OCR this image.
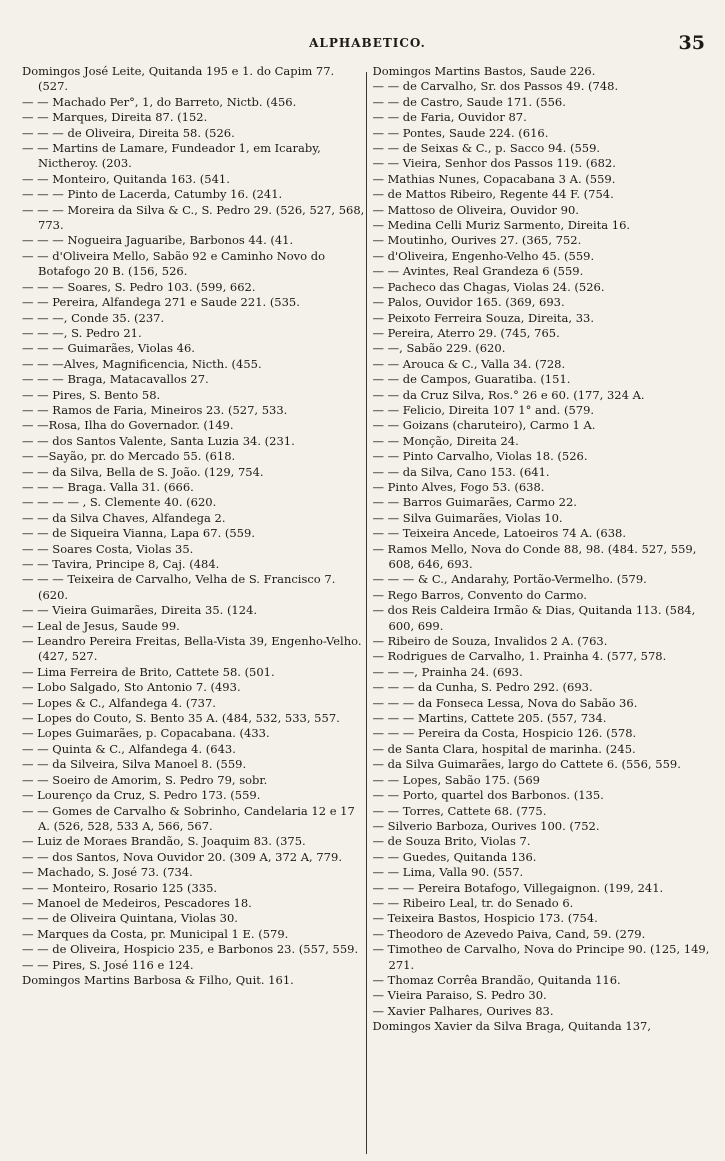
ALPHABETICO.	35
Domingos José Leite, Quitanda 195 e 1. do Capim 77. (527.
— — Machado Per°, 1, do Barreto, Nictb. (456.
— — Marques, Direita 87. (152.
— — — de Oliveira, Direita 58. (526.
— — Martins de Lamare, Fundeador 1, em Icaraby, Nictheroy. (203.
— — Monteiro, Quitanda 163. (541.
— — — Pinto de Lacerda, Catumby 16. (241.
— — — Moreira da Silva & C., S. Pedro 29. (526, 527, 568, 773.
— — — Nogueira Jaguaribe, Barbonos 44. (41.
— — d'Oliveira Mello, Sabão 92 e Caminho Novo do Botafogo 20 B. (156, 526.
— — — Soares, S. Pedro 103. (599, 662.
— — Pereira, Alfandega 271 e Saude 221. (535.
— — —, Conde 35. (237.
— — —, S. Pedro 21.
— — — Guimarães, Violas 46.
— — —Alves, Magnificencia, Nicth. (455.
— — — Braga, Matacavallos 27.
— — Pires, S. Bento 58.
— — Ramos de Faria, Mineiros 23. (527, 533.
— —Rosa, Ilha do Governador. (149.
— — dos Santos Valente, Santa Luzia 34. (231.
— —Sayão, pr. do Mercado 55. (618.
— — da Silva, Bella de S. João. (129, 754.
— — — Braga. Valla 31. (666.
— — — — , S. Clemente 40. (620.
— — da Silva Chaves, Alfandega 2.
— — de Siqueira Vianna, Lapa 67. (559.
— — Soares Costa, Violas 35.
— — Tavira, Principe 8, Caj. (484.
— — — Teixeira de Carvalho, Velha de S. Francisco 7. (620.
— — Vieira Guimarães, Direita 35. (124.
— Leal de Jesus, Saude 99.
— Leandro Pereira Freitas, Bella-Vista 39, Engenho-Velho. (427, 527.
— Lima Ferreira de Brito, Cattete 58. (501.
— Lobo Salgado, Sto Antonio 7. (493.
— Lopes & C., Alfandega 4. (737.
— Lopes do Couto, S. Bento 35 A. (484, 532, 533, 557.
— Lopes Guimarães, p. Copacabana. (433.
— — Quinta & C., Alfandega 4. (643.
— — da Silveira, Silva Manoel 8. (559.
— — Soeiro de Amorim, S. Pedro 79, sobr.
— Lourenço da Cruz, S. Pedro 173. (559.
— — Gomes de Carvalho & Sobrinho, Candelaria 12 e 17 A. (526, 528, 533 A, 566, 567.
— Luiz de Moraes Brandão, S. Joaquim 83. (375.
— — dos Santos, Nova Ouvidor 20. (309 A, 372 A, 779.
— Machado, S. José 73. (734.
— — Monteiro, Rosario 125 (335.
— Manoel de Medeiros, Pescadores 18.
— — de Oliveira Quintana, Violas 30.
— Marques da Costa, pr. Municipal 1 E. (579.
— — de Oliveira, Hospicio 235, e Barbonos 23. (557, 559.
— — Pires, S. José 116 e 124.
Domingos Martins Barbosa & Filho, Quit. 161.
Domingos Martins Bastos, Saude 226.
— — de Carvalho, Sr. dos Passos 49. (748.
— — de Castro, Saude 171. (556.
— — de Faria, Ouvidor 87.
— — Pontes, Saude 224. (616.
— — de Seixas & C., p. Sacco 94. (559.
— — Vieira, Senhor dos Passos 119. (682.
— Mathias Nunes, Copacabana 3 A. (559.
— de Mattos Ribeiro, Regente 44 F. (754.
— Mattoso de Oliveira, Ouvidor 90.
— Medina Celli Muriz Sarmento, Direita 16.
— Moutinho, Ourives 27. (365, 752.
— d'Oliveira, Engenho-Velho 45. (559.
— — Avintes, Real Grandeza 6 (559.
— Pacheco das Chagas, Violas 24. (526.
— Palos, Ouvidor 165. (369, 693.
— Peixoto Ferreira Souza, Direita, 33.
— Pereira, Aterro 29. (745, 765.
— —, Sabão 229. (620.
— — Arouca & C., Valla 34. (728.
— — de Campos, Guaratiba. (151.
— — da Cruz Silva, Ros.° 26 e 60. (177, 324 A.
— — Felicio, Direita 107 1° and. (579.
— — Goizans (charuteiro), Carmo 1 A.
— — Monção, Direita 24.
— — Pinto Carvalho, Violas 18. (526.
— — da Silva, Cano 153. (641.
— Pinto Alves, Fogo 53. (638.
— — Barros Guimarães, Carmo 22.
— — Silva Guimarães, Violas 10.
— — Teixeira Ancede, Latoeiros 74 A. (638.
— Ramos Mello, Nova do Conde 88, 98. (484. 527, 559, 608, 646, 693.
— — — & C., Andarahy, Portão-Vermelho. (579.
— Rego Barros, Convento do Carmo.
— dos Reis Caldeira Irmão & Dias, Quitanda 113. (584, 600, 699.
— Ribeiro de Souza, Invalidos 2 A. (763.
— Rodrigues de Carvalho, 1. Prainha 4. (577, 578.
— — —, Prainha 24. (693.
— — — da Cunha, S. Pedro 292. (693.
— — — da Fonseca Lessa, Nova do Sabão 36.
— — — Martins, Cattete 205. (557, 734.
— — — Pereira da Costa, Hospicio 126. (578.
— de Santa Clara, hospital de marinha. (245.
— da Silva Guimarães, largo do Cattete 6. (556, 559.
— — Lopes, Sabão 175. (569
— — Porto, quartel dos Barbonos. (135.
— — Torres, Cattete 68. (775.
— Silverio Barboza, Ourives 100. (752.
— de Souza Brito, Violas 7.
— — Guedes, Quitanda 136.
— — Lima, Valla 90. (557.
— — — Pereira Botafogo, Villegaignon. (199, 241.
— — Ribeiro Leal, tr. do Senado 6.
— Teixeira Bastos, Hospicio 173. (754.
— Theodoro de Azevedo Paiva, Cand, 59. (279.
— Timotheo de Carvalho, Nova do Principe 90. (125, 149, 271.
— Thomaz Corrêa Brandão, Quitanda 116.
— Vieira Paraiso, S. Pedro 30.
— Xavier Palhares, Ourives 83.
Domingos Xavier da Silva Braga, Quitanda 137,
